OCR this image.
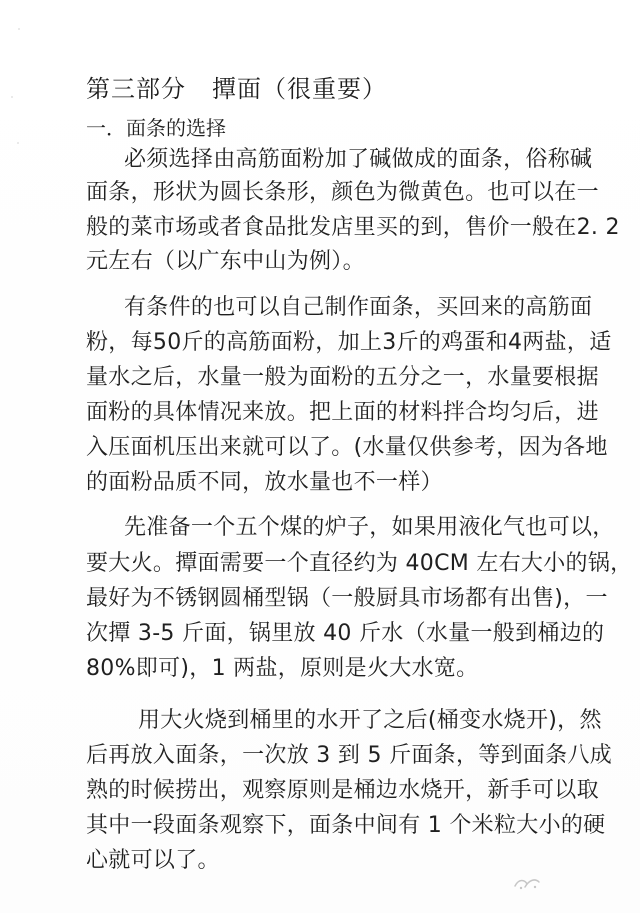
第三部分 撢面（很重要）
一．面条的选择
必须选择由高筋面粉加了碱做成的面条，俗称碱
面条，形状为圆长条形，颜色为微黄色。也可以在一
般的菜市场或者食品批发店里买的到，售价一般在2. 2
元左右（以广东中山为例）。
有条件的也可以自己制作面条，买回来的高筋面
粉，每50斤的高筋面粉，加上3斤的鸡蛋和4两盐，适
量水之后，水量一般为面粉的五分之一，水量要根据
面粉的具体情况来放。把上面的材料拌合均匀后，进
入压面机压出来就可以了。(水量仅供参考，因为各地
的面粉品质不同，放水量也不一样）
先准备一个五个煤的炉子，如果用液化气也可以，
要大火。撢面需要一个直径约为 40CM 左右大小的锅，
最好为不锈钢圆桶型锅（一般厨具市场都有出售)，一
次撢 3-5 斤面，锅里放 40 斤水（水量一般到桶边的
80%即可)，1 两盐，原则是火大水宽。
用大火烧到桶里的水开了之后(桶变水烧开)，然
后再放入面条，一次放 3 到 5 斤面条，等到面条八成
熟的时候捞出，观察原则是桶边水烧开，新手可以取
其中一段面条观察下，面条中间有 1 个米粒大小的硬
心就可以了。
